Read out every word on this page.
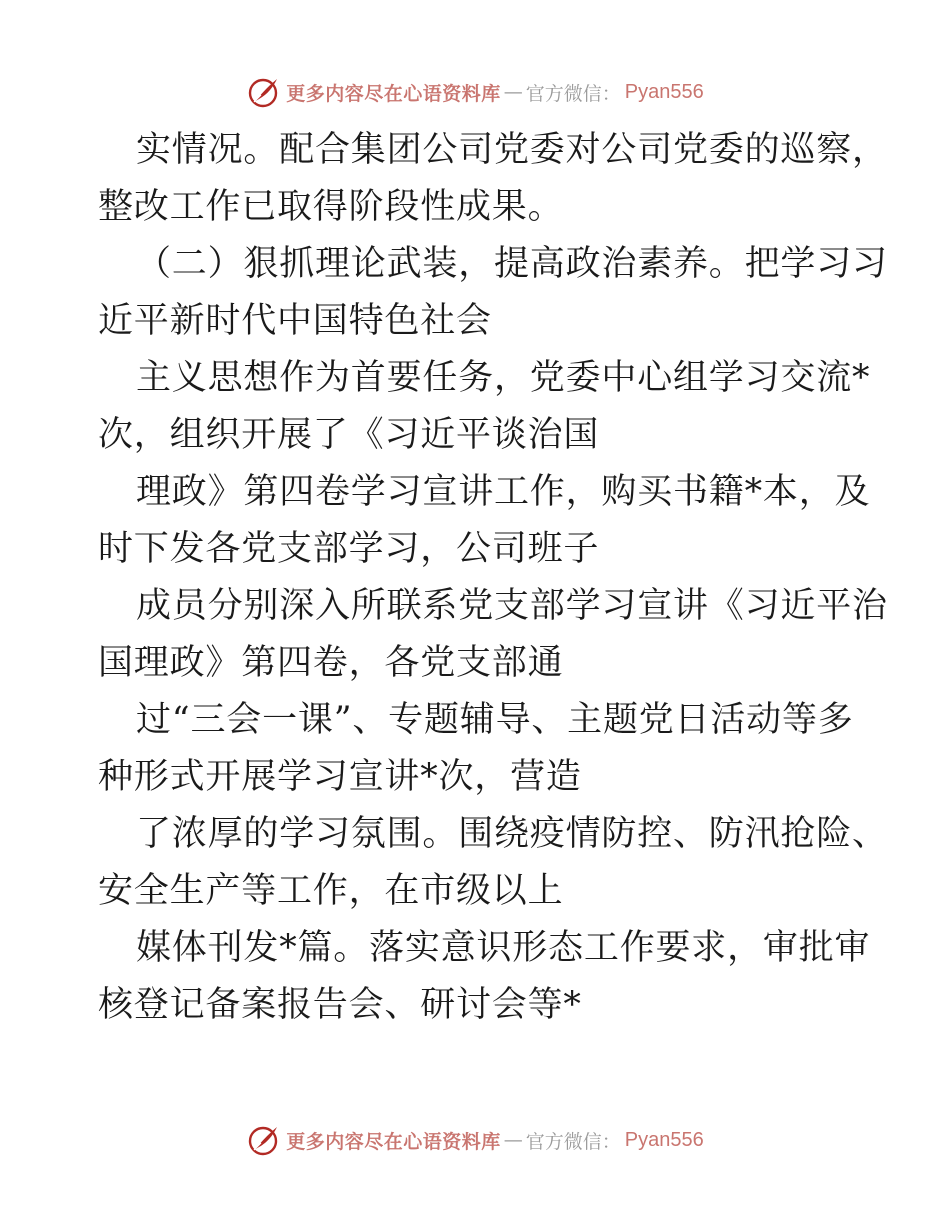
更多内容尽在心语资料库 — 官方微信： Pyan556
实情况。配合集团公司党委对公司党委的巡察，
整改工作已取得阶段性成果。
（二）狠抓理论武装，提高政治素养。把学习习
近平新时代中国特色社会
主义思想作为首要任务，党委中心组学习交流*
次，组织开展了《习近平谈治国
理政》第四卷学习宣讲工作，购买书籍*本，及
时下发各党支部学习，公司班子
成员分别深入所联系党支部学习宣讲《习近平治
国理政》第四卷，各党支部通
过“三会一课”、专题辅导、主题党日活动等多
种形式开展学习宣讲*次，营造
了浓厚的学习氛围。围绕疫情防控、防汛抢险、
安全生产等工作，在市级以上
媒体刊发*篇。落实意识形态工作要求，审批审
核登记备案报告会、研讨会等*
更多内容尽在心语资料库 — 官方微信： Pyan556
